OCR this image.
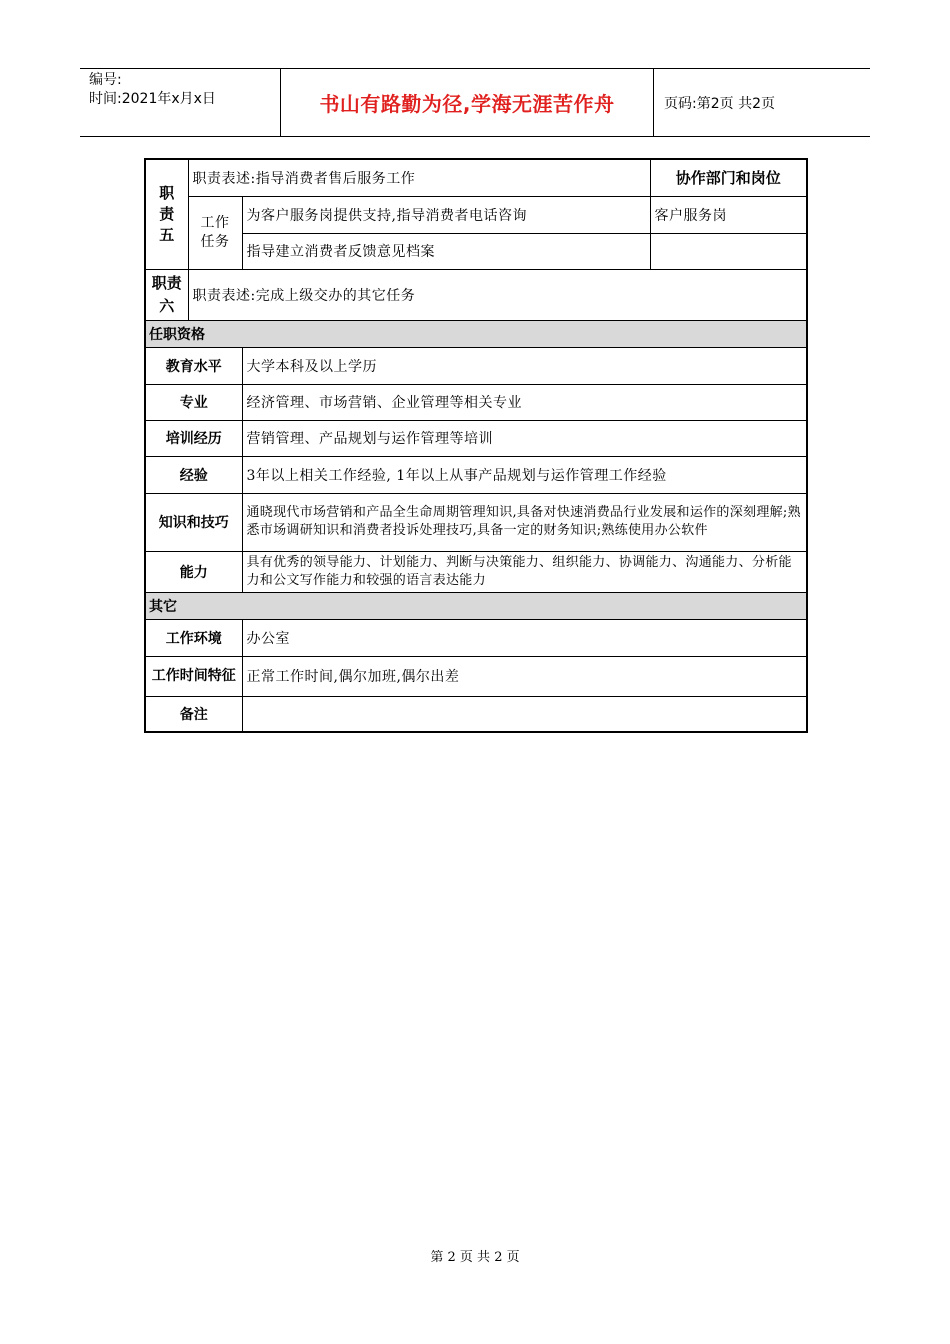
编号:
时间:2021年x月x日	书山有路勤为径,学海无涯苦作舟	页码:第2页 共2页
职责五	职责表述:指导消费者售后服务工作		协作部门和岗位

	工作任务	为客户服务岗提供支持,指导消费者电话咨询	客户服务岗
		指导建立消费者反馈意见档案	

职责六	职责表述:完成上级交办的其它任务		
任职资格			
教育水平		大学本科及以上学历	
专业		经济管理、市场营销、企业管理等相关专业	
培训经历		营销管理、产品规划与运作管理等培训	
经验		3年以上相关工作经验, 1年以上从事产品规划与运作管理工作经验	
知识和技巧		通晓现代市场营销和产品全生命周期管理知识,具备对快速消费品行业发展和运作的深刻理解;熟悉市场调研知识和消费者投诉处理技巧,具备一定的财务知识;熟练使用办公软件	
能力		具有优秀的领导能力、计划能力、判断与决策能力、组织能力、协调能力、沟通能力、分析能力和公文写作能力和较强的语言表达能力	
其它			
工作环境		办公室	
工作时间特征		正常工作时间,偶尔加班,偶尔出差	
备注			
第 2 页 共 2 页
